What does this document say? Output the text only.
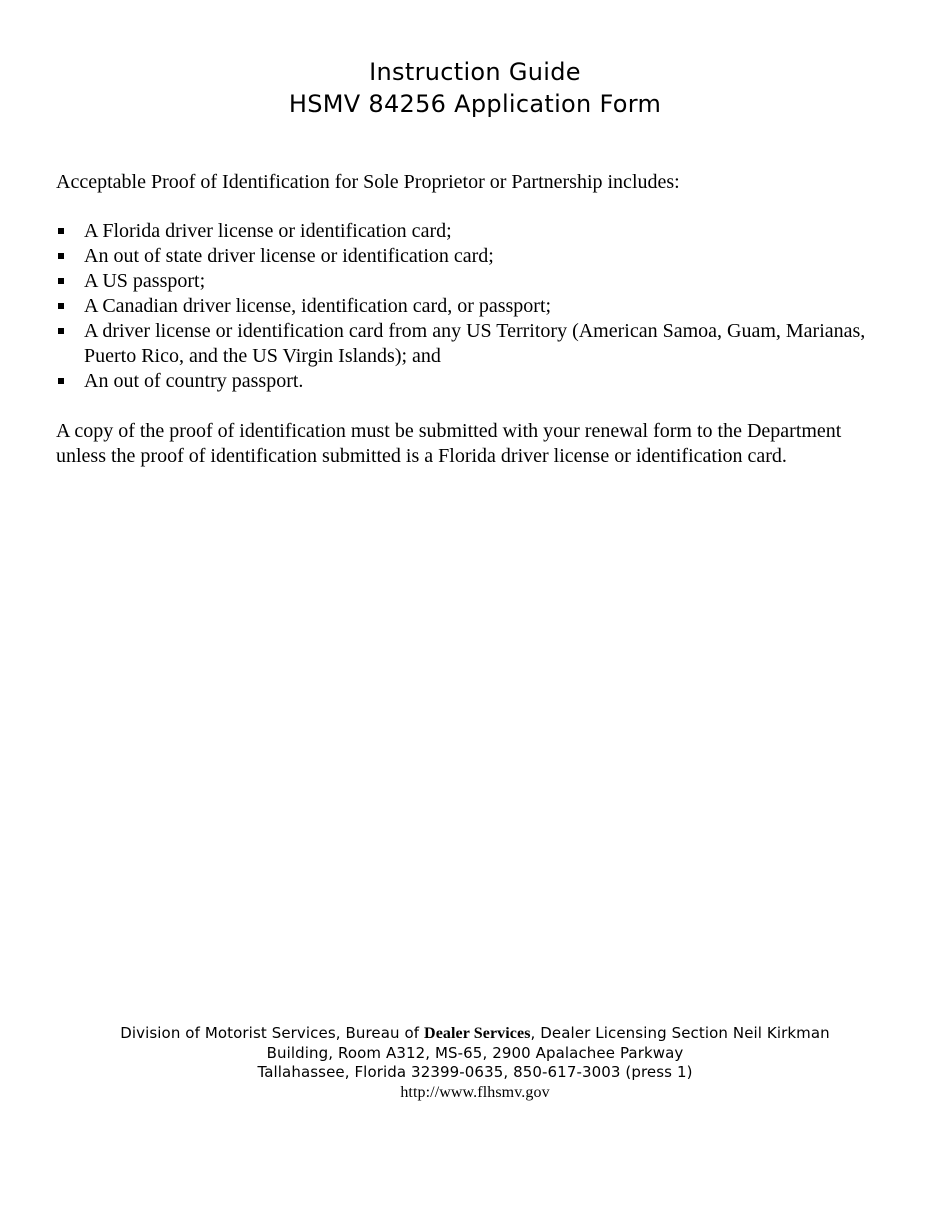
Instruction Guide
HSMV 84256 Application Form
Acceptable Proof of Identification for Sole Proprietor or Partnership includes:
A Florida driver license or identification card;
An out of state driver license or identification card;
A US passport;
A Canadian driver license, identification card, or passport;
A driver license or identification card from any US Territory (American Samoa, Guam, Marianas, Puerto Rico, and the US Virgin Islands); and
An out of country passport.
A copy of the proof of identification must be submitted with your renewal form to the Department unless the proof of identification submitted is a Florida driver license or identification card.
Division of Motorist Services, Bureau of Dealer Services, Dealer Licensing Section Neil Kirkman
Building, Room A312, MS-65, 2900 Apalachee Parkway
Tallahassee, Florida 32399-0635, 850-617-3003 (press 1)
http://www.flhsmv.gov
